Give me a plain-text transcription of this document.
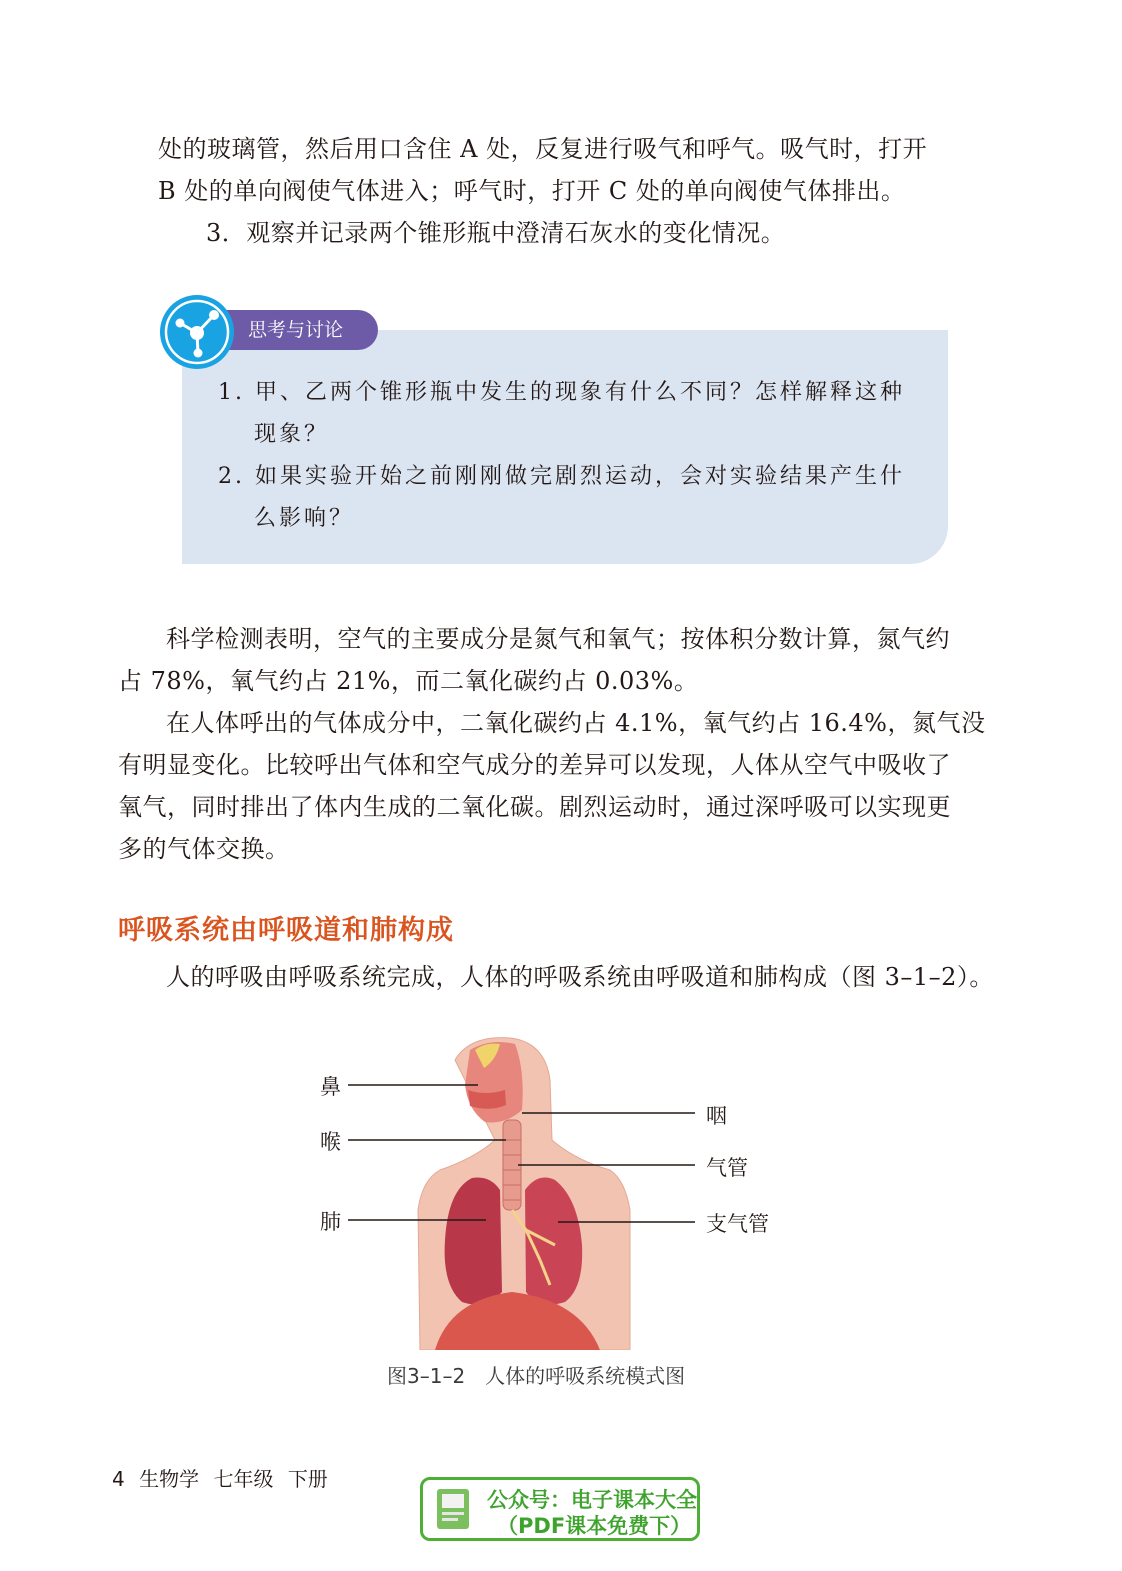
处的玻璃管，然后用口含住 A 处，反复进行吸气和呼气。吸气时，打开

B 处的单向阀使气体进入；呼气时，打开 C 处的单向阀使气体排出。

3．观察并记录两个锥形瓶中澄清石灰水的变化情况。

思考与讨论

1. 甲、乙两个锥形瓶中发生的现象有什么不同？怎样解释这种

现象？

2. 如果实验开始之前刚刚做完剧烈运动，会对实验结果产生什

么影响？

科学检测表明，空气的主要成分是氮气和氧气；按体积分数计算，氮气约

占 78%，氧气约占 21%，而二氧化碳约占 0.03%。

在人体呼出的气体成分中，二氧化碳约占 4.1%，氧气约占 16.4%，氮气没

有明显变化。比较呼出气体和空气成分的差异可以发现，人体从空气中吸收了

氧气，同时排出了体内生成的二氧化碳。剧烈运动时，通过深呼吸可以实现更

多的气体交换。

呼吸系统由呼吸道和肺构成

人的呼吸由呼吸系统完成，人体的呼吸系统由呼吸道和肺构成（图 3–1–2）。

鼻

喉

肺

咽

气管

支气管

图3–1–2　人体的呼吸系统模式图

4 生物学 七年级 下册

公众号：电子课本大全

（PDF课本免费下）
